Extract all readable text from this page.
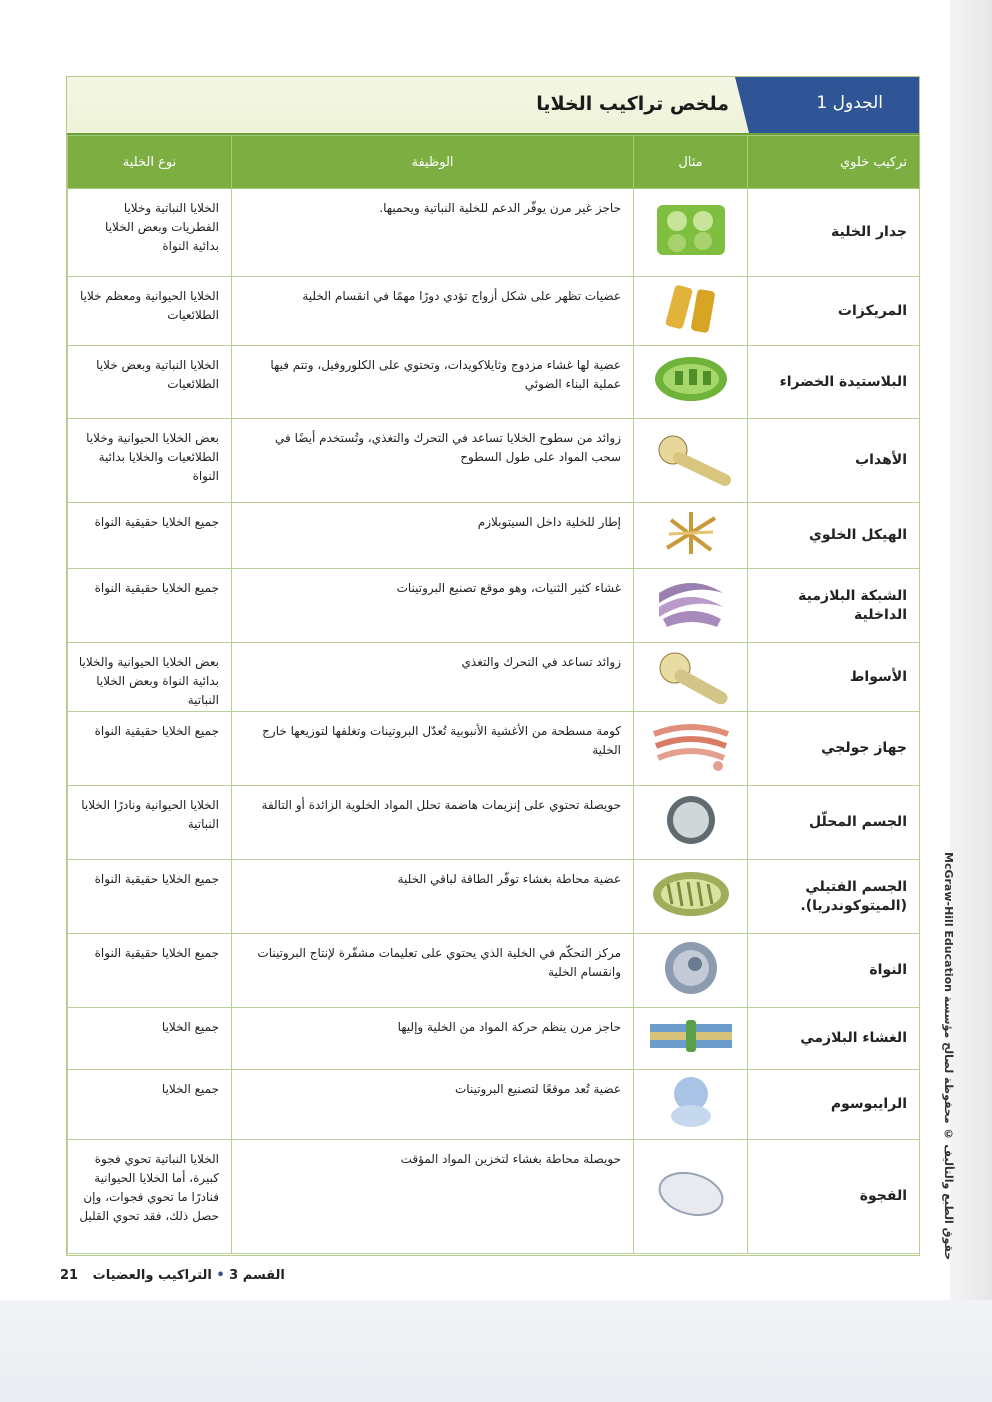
حقوق الطبع والتأليف © محفوظة لصالح مؤسسة McGraw-Hill Education
ملخص تراكيب الخلايا	الجدول 1
تركيب خلوي	مثال	الوظيفة	نوع الخلية
جدار الخلية		حاجز غير مرن يوفّر الدعم للخلية النباتية ويحميها.	الخلايا النباتية وخلايا الفطريات وبعض الخلايا بدائية النواة
المريكزات		عضيات تظهر على شكل أزواج تؤدي دورًا مهمًا في انقسام الخلية	الخلايا الحيوانية ومعظم خلايا الطلائعيات
البلاستيدة الخضراء		عضية لها غشاء مزدوج وثايلاكويدات، وتحتوي على الكلوروفيل، وتتم فيها عملية البناء الضوئي	الخلايا النباتية وبعض خلايا الطلائعيات
الأهداب		زوائد من سطوح الخلايا تساعد في التحرك والتغذي، وتُستخدم أيضًا في سحب المواد على طول السطوح	بعض الخلايا الحيوانية وخلايا الطلائعيات والخلايا بدائية النواة
الهيكل الخلوي		إطار للخلية داخل السيتوبلازم	جميع الخلايا حقيقية النواة
الشبكة البلازمية الداخلية		غشاء كثير الثنيات، وهو موقع تصنيع البروتينات	جميع الخلايا حقيقية النواة
الأسواط		زوائد تساعد في التحرك والتغذي	بعض الخلايا الحيوانية والخلايا بدائية النواة وبعض الخلايا النباتية
جهاز جولجي		كومة مسطحة من الأغشية الأنبوبية تُعدّل البروتينات وتغلفها لتوزيعها خارج الخلية	جميع الخلايا حقيقية النواة
الجسم المحلّل		حويصلة تحتوي على إنزيمات هاضمة تحلل المواد الخلوية الزائدة أو التالفة	الخلايا الحيوانية ونادرًا الخلايا النباتية
الجسم الفتيلي (الميتوكوندريا).		عضية محاطة بغشاء توفّر الطاقة لباقي الخلية	جميع الخلايا حقيقية النواة
النواة		مركز التحكّم في الخلية الذي يحتوي على تعليمات مشفّرة لإنتاج البروتينات وانقسام الخلية	جميع الخلايا حقيقية النواة
الغشاء البلازمي		حاجز مرن ينظم حركة المواد من الخلية وإليها	جميع الخلايا
الرايبوسوم		عضية تُعد موقعًا لتصنيع البروتينات	جميع الخلايا
الفجوة		حويصلة محاطة بغشاء لتخزين المواد المؤقت	الخلايا النباتية تحوي فجوة كبيرة، أما الخلايا الحيوانية فنادرًا ما تحوي فجوات، وإن حصل ذلك، فقد تحوي القليل
القسم 3 • التراكيب والعضيات 21
